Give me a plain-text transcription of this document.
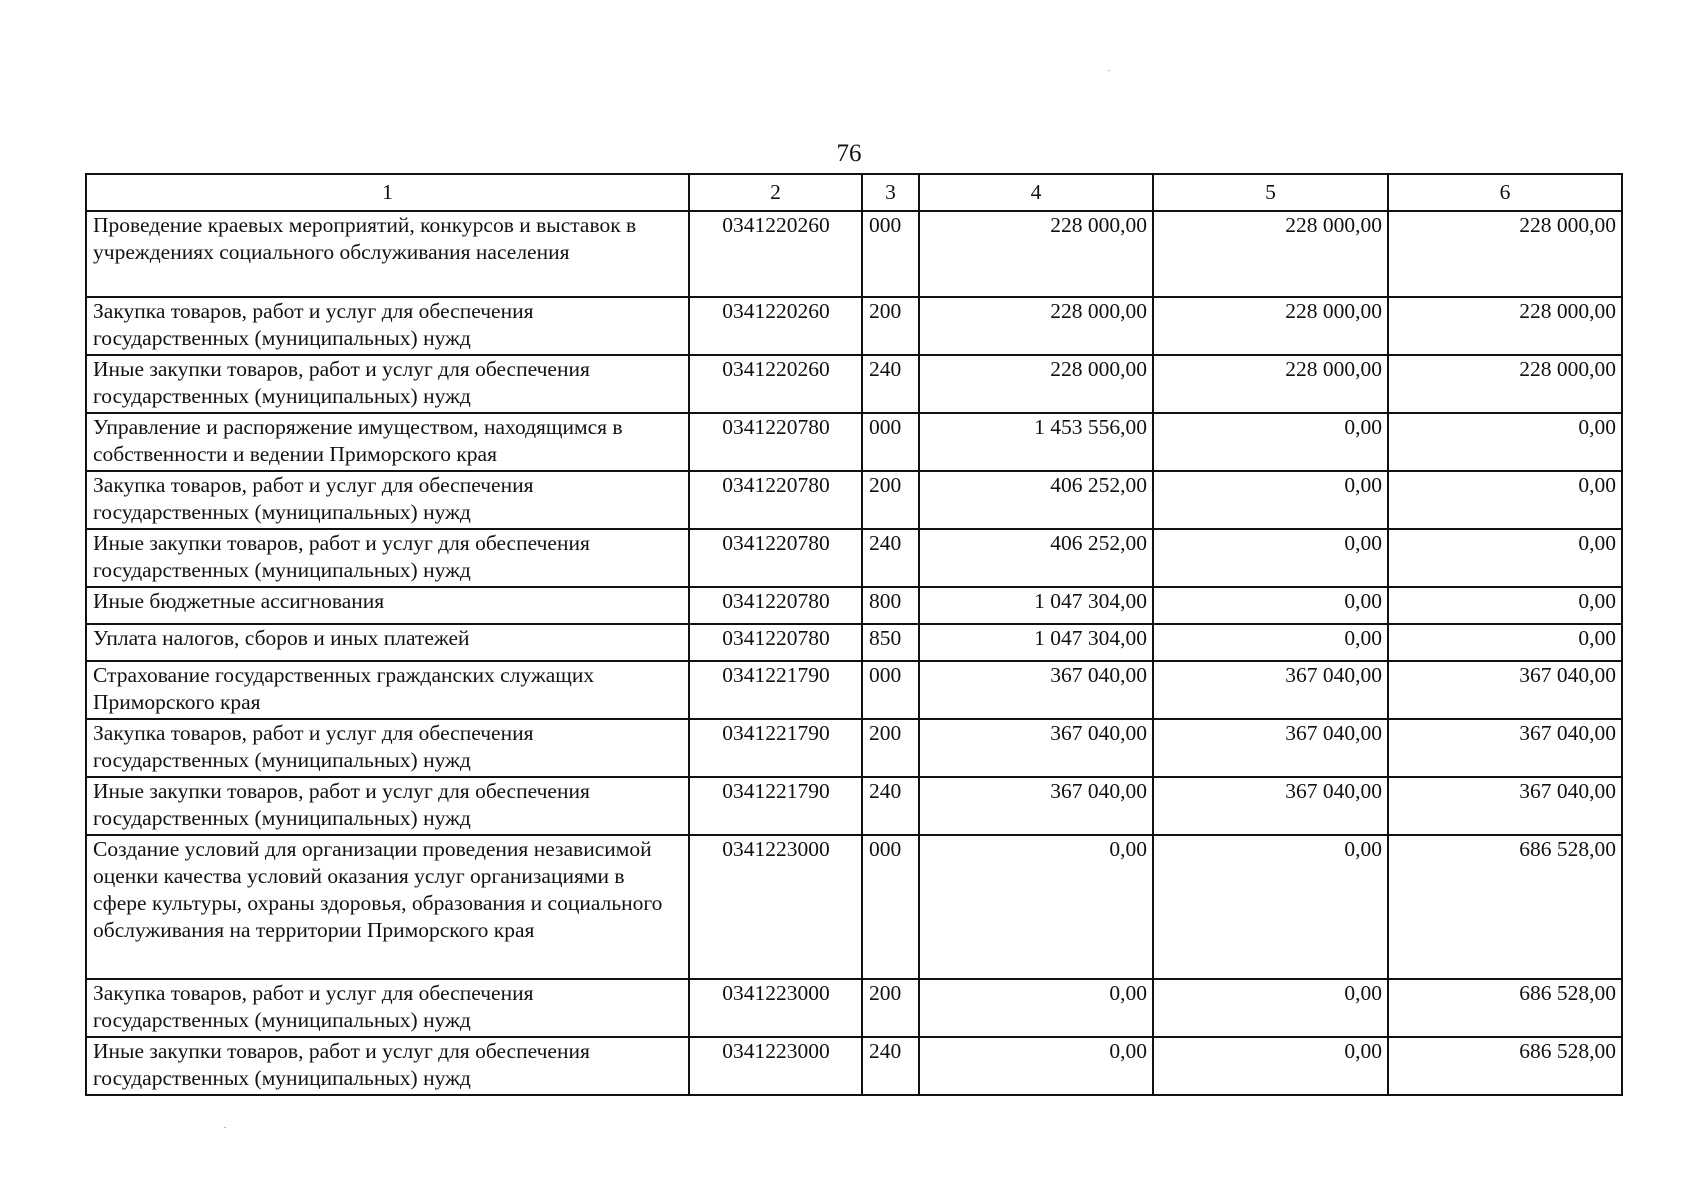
76
1	2	3	4	5	6
Проведение краевых мероприятий, конкурсов и выставок в учреждениях социального обслуживания населения	0341220260	000	228 000,00	228 000,00	228 000,00
Закупка товаров, работ и услуг для обеспечения государственных (муниципальных) нужд	0341220260	200	228 000,00	228 000,00	228 000,00
Иные закупки товаров, работ и услуг для обеспечения государственных (муниципальных) нужд	0341220260	240	228 000,00	228 000,00	228 000,00
Управление и распоряжение имуществом, находящимся в собственности и ведении Приморского края	0341220780	000	1 453 556,00	0,00	0,00
Закупка товаров, работ и услуг для обеспечения государственных (муниципальных) нужд	0341220780	200	406 252,00	0,00	0,00
Иные закупки товаров, работ и услуг для обеспечения государственных (муниципальных) нужд	0341220780	240	406 252,00	0,00	0,00
Иные бюджетные ассигнования	0341220780	800	1 047 304,00	0,00	0,00
Уплата налогов, сборов и иных платежей	0341220780	850	1 047 304,00	0,00	0,00
Страхование государственных гражданских служащих Приморского края	0341221790	000	367 040,00	367 040,00	367 040,00
Закупка товаров, работ и услуг для обеспечения государственных (муниципальных) нужд	0341221790	200	367 040,00	367 040,00	367 040,00
Иные закупки товаров, работ и услуг для обеспечения государственных (муниципальных) нужд	0341221790	240	367 040,00	367 040,00	367 040,00
Создание условий для организации проведения независимой оценки качества условий оказания услуг организациями в сфере культуры, охраны здоровья, образования и социального обслуживания на территории Приморского края	0341223000	000	0,00	0,00	686 528,00
Закупка товаров, работ и услуг для обеспечения государственных (муниципальных) нужд	0341223000	200	0,00	0,00	686 528,00
Иные закупки товаров, работ и услуг для обеспечения государственных (муниципальных) нужд	0341223000	240	0,00	0,00	686 528,00
